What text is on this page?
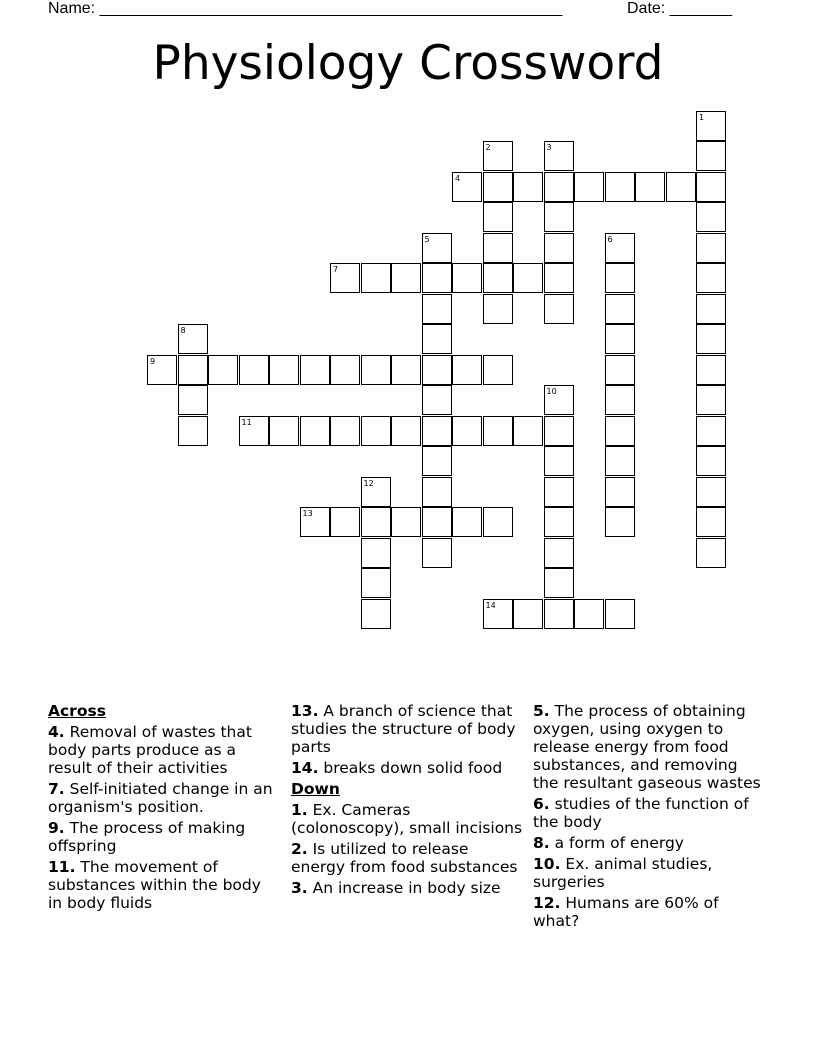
Name: ____________________________________________________	Date: _______
Physiology Crossword
1
2	3
4
5	6
7
8
9
10
11
12
13
14
Across
4. Removal of wastes that body parts produce as a result of their activities
7. Self-initiated change in an organism's position.
9. The process of making offspring
11. The movement of substances within the body in body fluids
13. A branch of science that studies the structure of body parts
14. breaks down solid food
Down
1. Ex. Cameras (colonoscopy), small incisions
2. Is utilized to release energy from food substances
3. An increase in body size
5. The process of obtaining oxygen, using oxygen to release energy from food substances, and removing the resultant gaseous wastes
6. studies of the function of the body
8. a form of energy
10. Ex. animal studies, surgeries
12. Humans are 60% of what?
